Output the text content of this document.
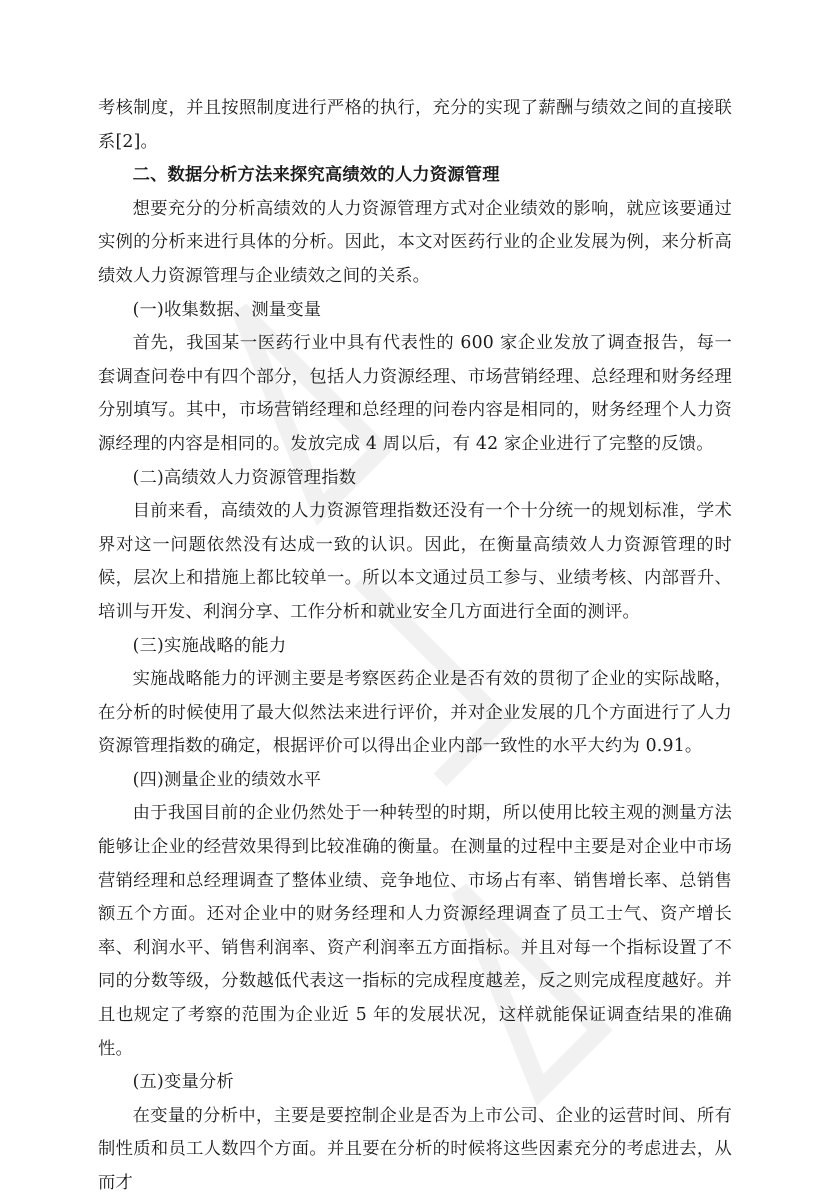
考核制度，并且按照制度进行严格的执行，充分的实现了薪酬与绩效之间的直接联系[2]。

二、数据分析方法来探究高绩效的人力资源管理

想要充分的分析高绩效的人力资源管理方式对企业绩效的影响，就应该要通过实例的分析来进行具体的分析。因此，本文对医药行业的企业发展为例，来分析高绩效人力资源管理与企业绩效之间的关系。

(一)收集数据、测量变量

首先，我国某一医药行业中具有代表性的 600 家企业发放了调查报告，每一套调查问卷中有四个部分，包括人力资源经理、市场营销经理、总经理和财务经理分别填写。其中，市场营销经理和总经理的问卷内容是相同的，财务经理个人力资源经理的内容是相同的。发放完成 4 周以后，有 42 家企业进行了完整的反馈。

(二)高绩效人力资源管理指数

目前来看，高绩效的人力资源管理指数还没有一个十分统一的规划标准，学术界对这一问题依然没有达成一致的认识。因此，在衡量高绩效人力资源管理的时候，层次上和措施上都比较单一。所以本文通过员工参与、业绩考核、内部晋升、培训与开发、利润分享、工作分析和就业安全几方面进行全面的测评。

(三)实施战略的能力

实施战略能力的评测主要是考察医药企业是否有效的贯彻了企业的实际战略，在分析的时候使用了最大似然法来进行评价，并对企业发展的几个方面进行了人力资源管理指数的确定，根据评价可以得出企业内部一致性的水平大约为 0.91。

(四)测量企业的绩效水平

由于我国目前的企业仍然处于一种转型的时期，所以使用比较主观的测量方法能够让企业的经营效果得到比较准确的衡量。在测量的过程中主要是对企业中市场营销经理和总经理调查了整体业绩、竞争地位、市场占有率、销售增长率、总销售额五个方面。还对企业中的财务经理和人力资源经理调查了员工士气、资产增长率、利润水平、销售利润率、资产利润率五方面指标。并且对每一个指标设置了不同的分数等级，分数越低代表这一指标的完成程度越差，反之则完成程度越好。并且也规定了考察的范围为企业近 5 年的发展状况，这样就能保证调查结果的准确性。

(五)变量分析

在变量的分析中，主要是要控制企业是否为上市公司、企业的运营时间、所有制性质和员工人数四个方面。并且要在分析的时候将这些因素充分的考虑进去，从而才
